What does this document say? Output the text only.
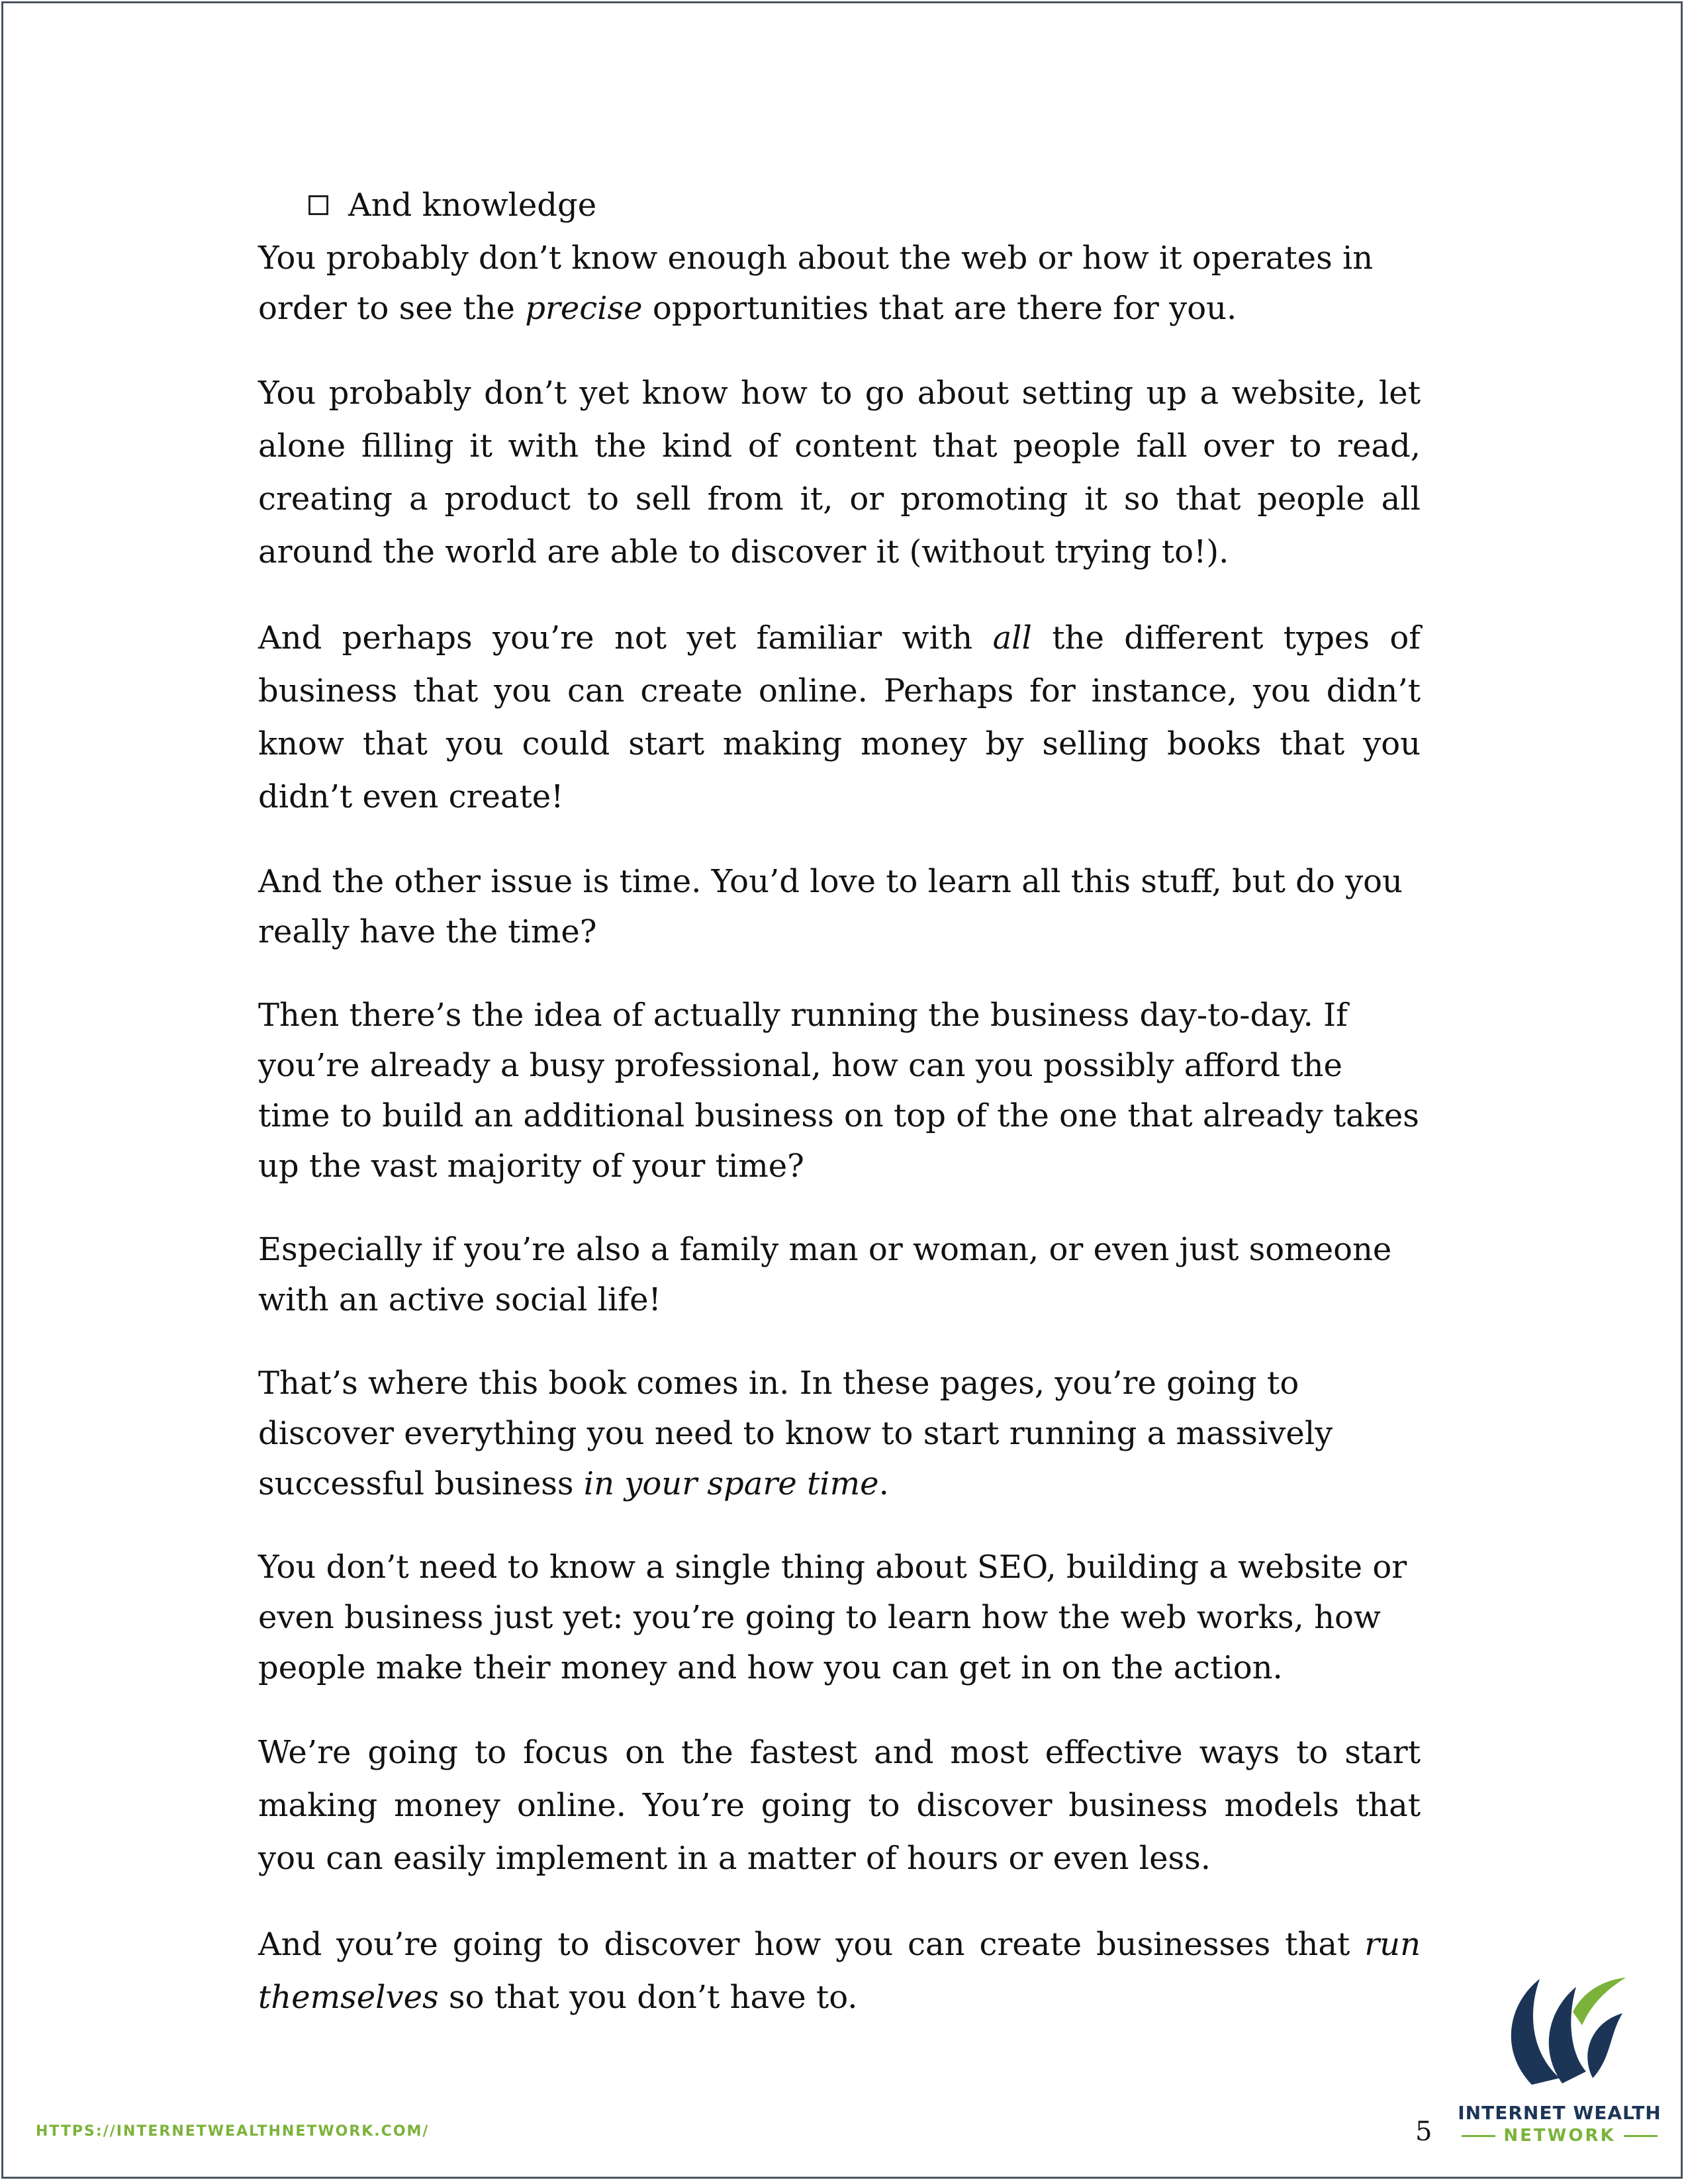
And knowledge

You probably don’t know enough about the web or how it operates in order to see the precise opportunities that are there for you.

You probably don’t yet know how to go about setting up a website, let alone filling it with the kind of content that people fall over to read, creating a product to sell from it, or promoting it so that people all around the world are able to discover it (without trying to!).

And perhaps you’re not yet familiar with all the different types of business that you can create online. Perhaps for instance, you didn’t know that you could start making money by selling books that you didn’t even create!

And the other issue is time. You’d love to learn all this stuff, but do you really have the time?

Then there’s the idea of actually running the business day-to-day. If you’re already a busy professional, how can you possibly afford the time to build an additional business on top of the one that already takes up the vast majority of your time?

Especially if you’re also a family man or woman, or even just someone with an active social life!

That’s where this book comes in. In these pages, you’re going to discover everything you need to know to start running a massively successful business in your spare time.

You don’t need to know a single thing about SEO, building a website or even business just yet: you’re going to learn how the web works, how people make their money and how you can get in on the action.

We’re going to focus on the fastest and most effective ways to start making money online. You’re going to discover business models that you can easily implement in a matter of hours or even less.

And you’re going to discover how you can create businesses that run themselves so that you don’t have to.

HTTPS://INTERNETWEALTHNETWORK.COM/	5
INTERNET WEALTH
NETWORK
